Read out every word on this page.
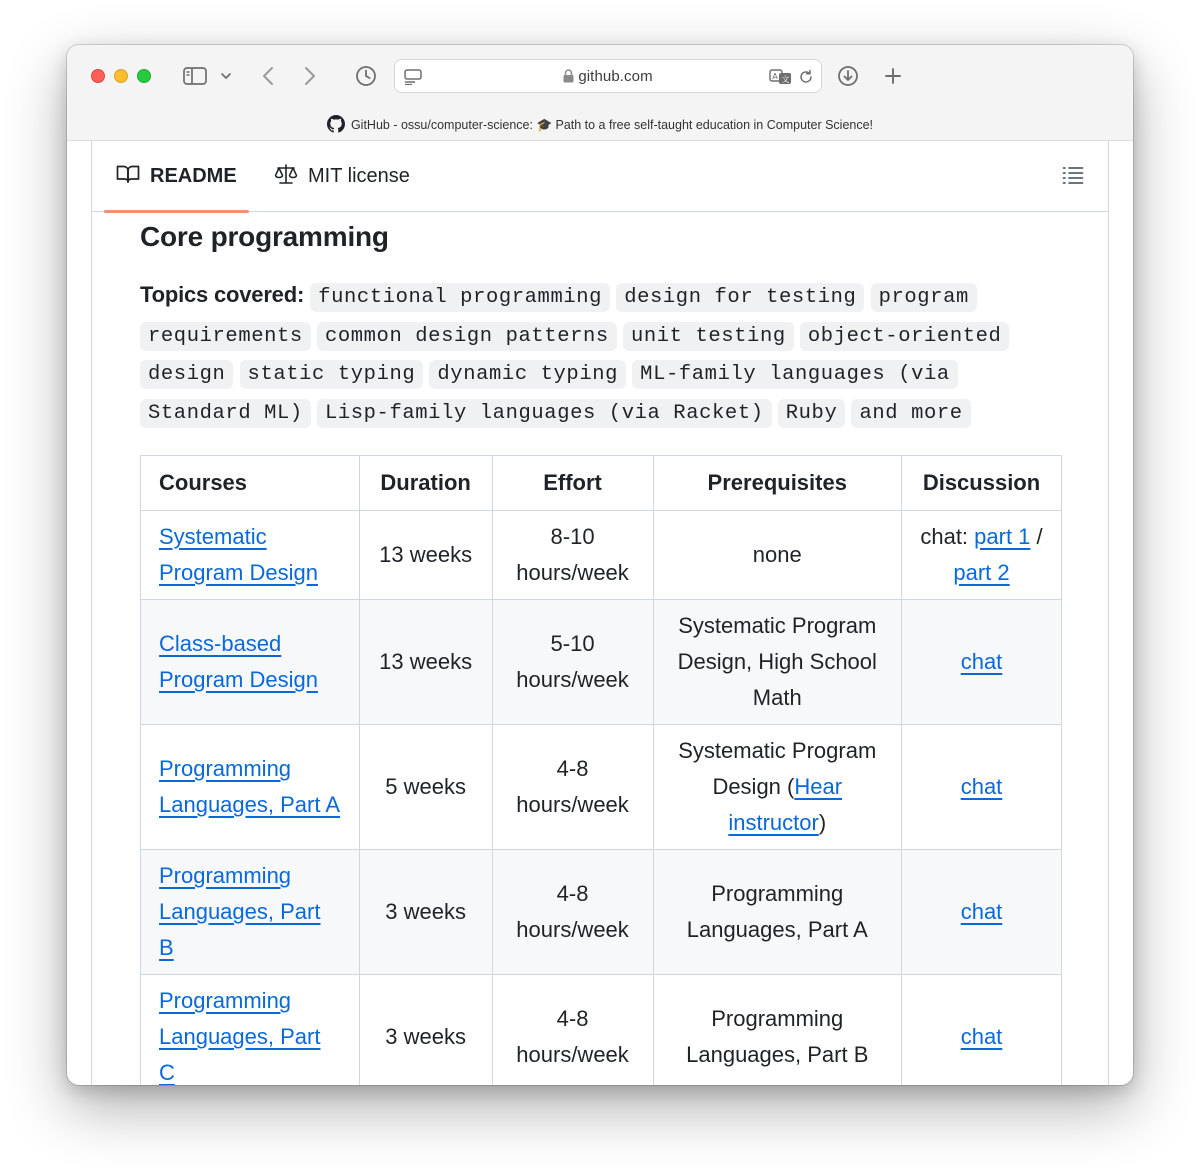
github.com	A 文
GitHub - ossu/computer-science: 🎓 Path to a free self-taught education in Computer Science!
README	MIT license
Core programming

Topics covered: functional programming design for testing program requirements common design patterns unit testing object-oriented design static typing dynamic typing ML-family languages (via Standard ML) Lisp-family languages (via Racket) Ruby and more

Courses	Duration	Effort	Prerequisites	Discussion
Systematic Program Design	13 weeks	8-10 hours/week	none	chat: part 1 / part 2
Class-based Program Design	13 weeks	5-10 hours/week	Systematic Program Design, High School Math	chat
Programming Languages, Part A	5 weeks	4-8 hours/week	Systematic Program Design (Hear instructor)	chat
Programming Languages, Part B	3 weeks	4-8 hours/week	Programming Languages, Part A	chat
Programming Languages, Part C	3 weeks	4-8 hours/week	Programming Languages, Part B	chat
